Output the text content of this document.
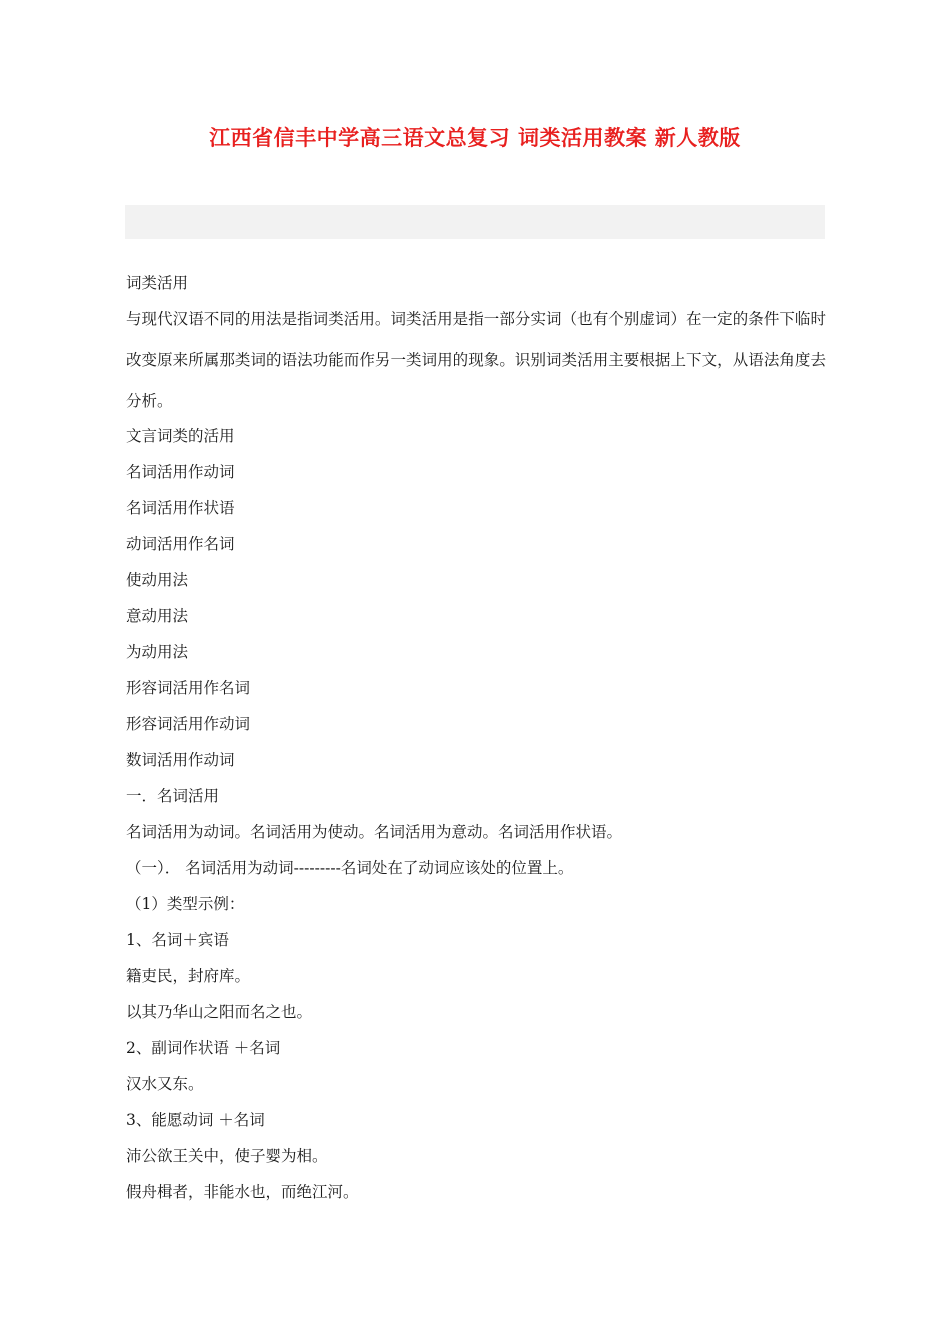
江西省信丰中学高三语文总复习 词类活用教案 新人教版
词类活用
与现代汉语不同的用法是指词类活用。词类活用是指一部分实词（也有个别虚词）在一定的条件下临时改变原来所属那类词的语法功能而作另一类词用的现象。识别词类活用主要根据上下文，从语法角度去分析。
文言词类的活用
名词活用作动词
名词活用作状语
动词活用作名词
使动用法
意动用法
为动用法
形容词活用作名词
形容词活用作动词
数词活用作动词
一．名词活用
名词活用为动词。名词活用为使动。名词活用为意动。名词活用作状语。
（一）． 名词活用为动词---------名词处在了动词应该处的位置上。
（1）类型示例：
1、名词＋宾语
籍吏民，封府库。
以其乃华山之阳而名之也。
2、副词作状语 ＋名词
汉水又东。
3、能愿动词 ＋名词
沛公欲王关中，使子婴为相。
假舟楫者，非能水也，而绝江河。
